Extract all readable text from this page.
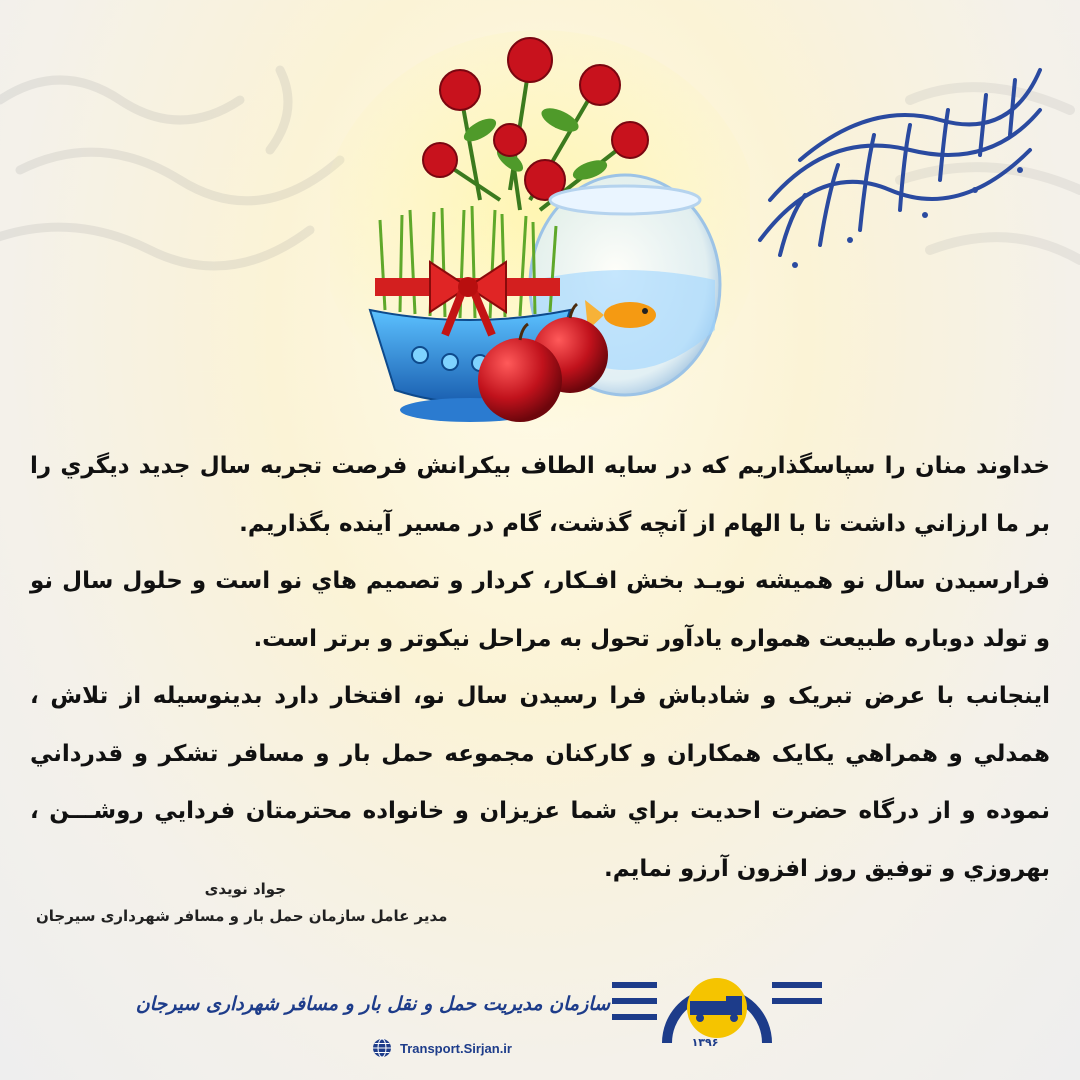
خداوند منان را سپاسگذاريم كه در سايه الطاف بيكرانش فرصت تجربه سال جديد ديگري را بر ما ارزاني داشت تا با الهام از آنچه گذشت، گام در مسير آينده بگذاريم.

فرارسيدن سال نو هميشه نويـد بخش افـكار، كردار و تصميم هاي نو است و حلول سال نو و تولد دوباره طبيعت همواره يادآور تحول به مراحل نيكوتر و برتر است.

اينجانب با عرض تبريک و شادباش فرا رسيدن سال نو، افتخار دارد بدينوسيله از تلاش ، همدلي و همراهي يكايک همكاران و كاركنان مجموعه حمل بار و مسافر تشكر و قدرداني نموده و از درگاه حضرت احديت براي شما عزيزان و خانواده محترمتان فردايي روشـــن ، بهروزي و توفيق روز افزون آرزو نمايم.

جواد نویدی
مدیر عامل سازمان حمل بار و مسافر شهرداری سیرجان
سازمان مدیریت حمل و نقل بار و مسافر شهرداری سیرجان
Transport.Sirjan.ir	۱۳۹۶
